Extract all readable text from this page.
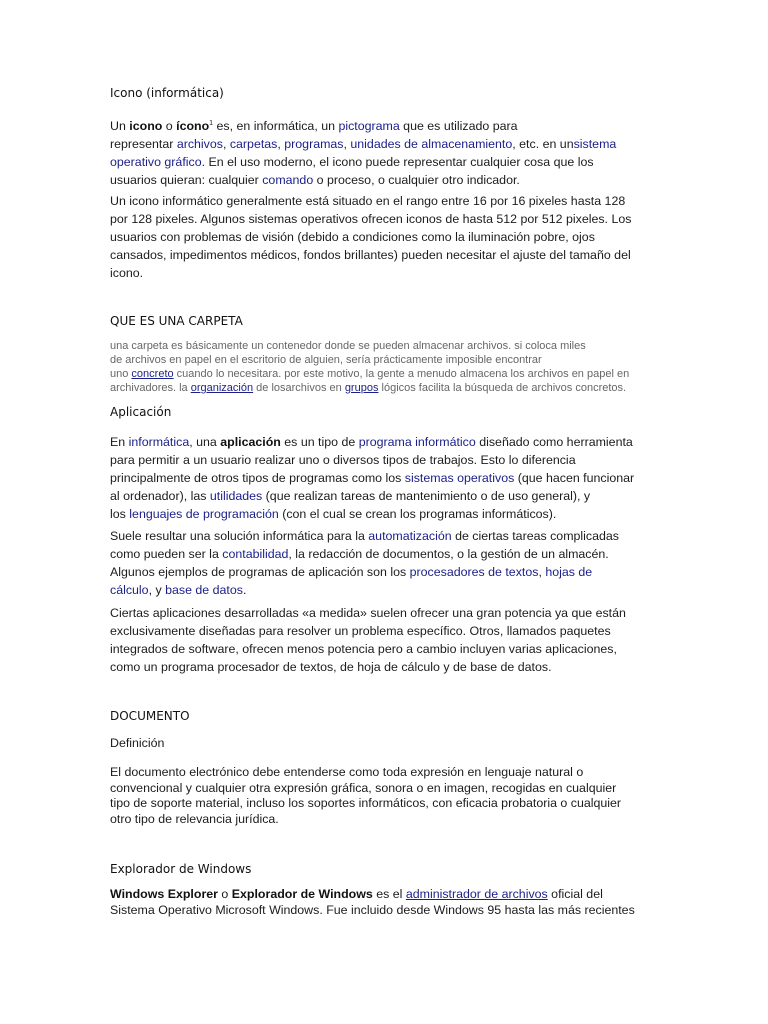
Icono (informática)
Un icono o ícono$^1$ es, en informática, un pictograma que es utilizado para
representar archivos, carpetas, programas, unidades de almacenamiento, etc. en unsistema
operativo gráfico. En el uso moderno, el icono puede representar cualquier cosa que los
usuarios quieran: cualquier comando o proceso, o cualquier otro indicador.
Un icono informático generalmente está situado en el rango entre 16 por 16 pixeles hasta 128
por 128 pixeles. Algunos sistemas operativos ofrecen iconos de hasta 512 por 512 pixeles. Los
usuarios con problemas de visión (debido a condiciones como la iluminación pobre, ojos
cansados, impedimentos médicos, fondos brillantes) pueden necesitar el ajuste del tamaño del
icono.
QUE ES UNA CARPETA
una carpeta es básicamente un contenedor donde se pueden almacenar archivos. si coloca miles
de archivos en papel en el escritorio de alguien, sería prácticamente imposible encontrar
uno concreto cuando lo necesitara. por este motivo, la gente a menudo almacena los archivos en papel en
archivadores. la organización de losarchivos en grupos lógicos facilita la búsqueda de archivos concretos.
Aplicación
En informática, una aplicación es un tipo de programa informático diseñado como herramienta
para permitir a un usuario realizar uno o diversos tipos de trabajos. Esto lo diferencia
principalmente de otros tipos de programas como los sistemas operativos (que hacen funcionar
al ordenador), las utilidades (que realizan tareas de mantenimiento o de uso general), y
los lenguajes de programación (con el cual se crean los programas informáticos).
Suele resultar una solución informática para la automatización de ciertas tareas complicadas
como pueden ser la contabilidad, la redacción de documentos, o la gestión de un almacén.
Algunos ejemplos de programas de aplicación son los procesadores de textos, hojas de
cálculo, y base de datos.
Ciertas aplicaciones desarrolladas «a medida» suelen ofrecer una gran potencia ya que están
exclusivamente diseñadas para resolver un problema específico. Otros, llamados paquetes
integrados de software, ofrecen menos potencia pero a cambio incluyen varias aplicaciones,
como un programa procesador de textos, de hoja de cálculo y de base de datos.
DOCUMENTO
Definición
El documento electrónico debe entenderse como toda expresión en lenguaje natural o
convencional y cualquier otra expresión gráfica, sonora o en imagen, recogidas en cualquier
tipo de soporte material, incluso los soportes informáticos, con eficacia probatoria o cualquier
otro tipo de relevancia jurídica.
Explorador de Windows
Windows Explorer o Explorador de Windows es el administrador de archivos oficial del
Sistema Operativo Microsoft Windows. Fue incluido desde Windows 95 hasta las más recientes
